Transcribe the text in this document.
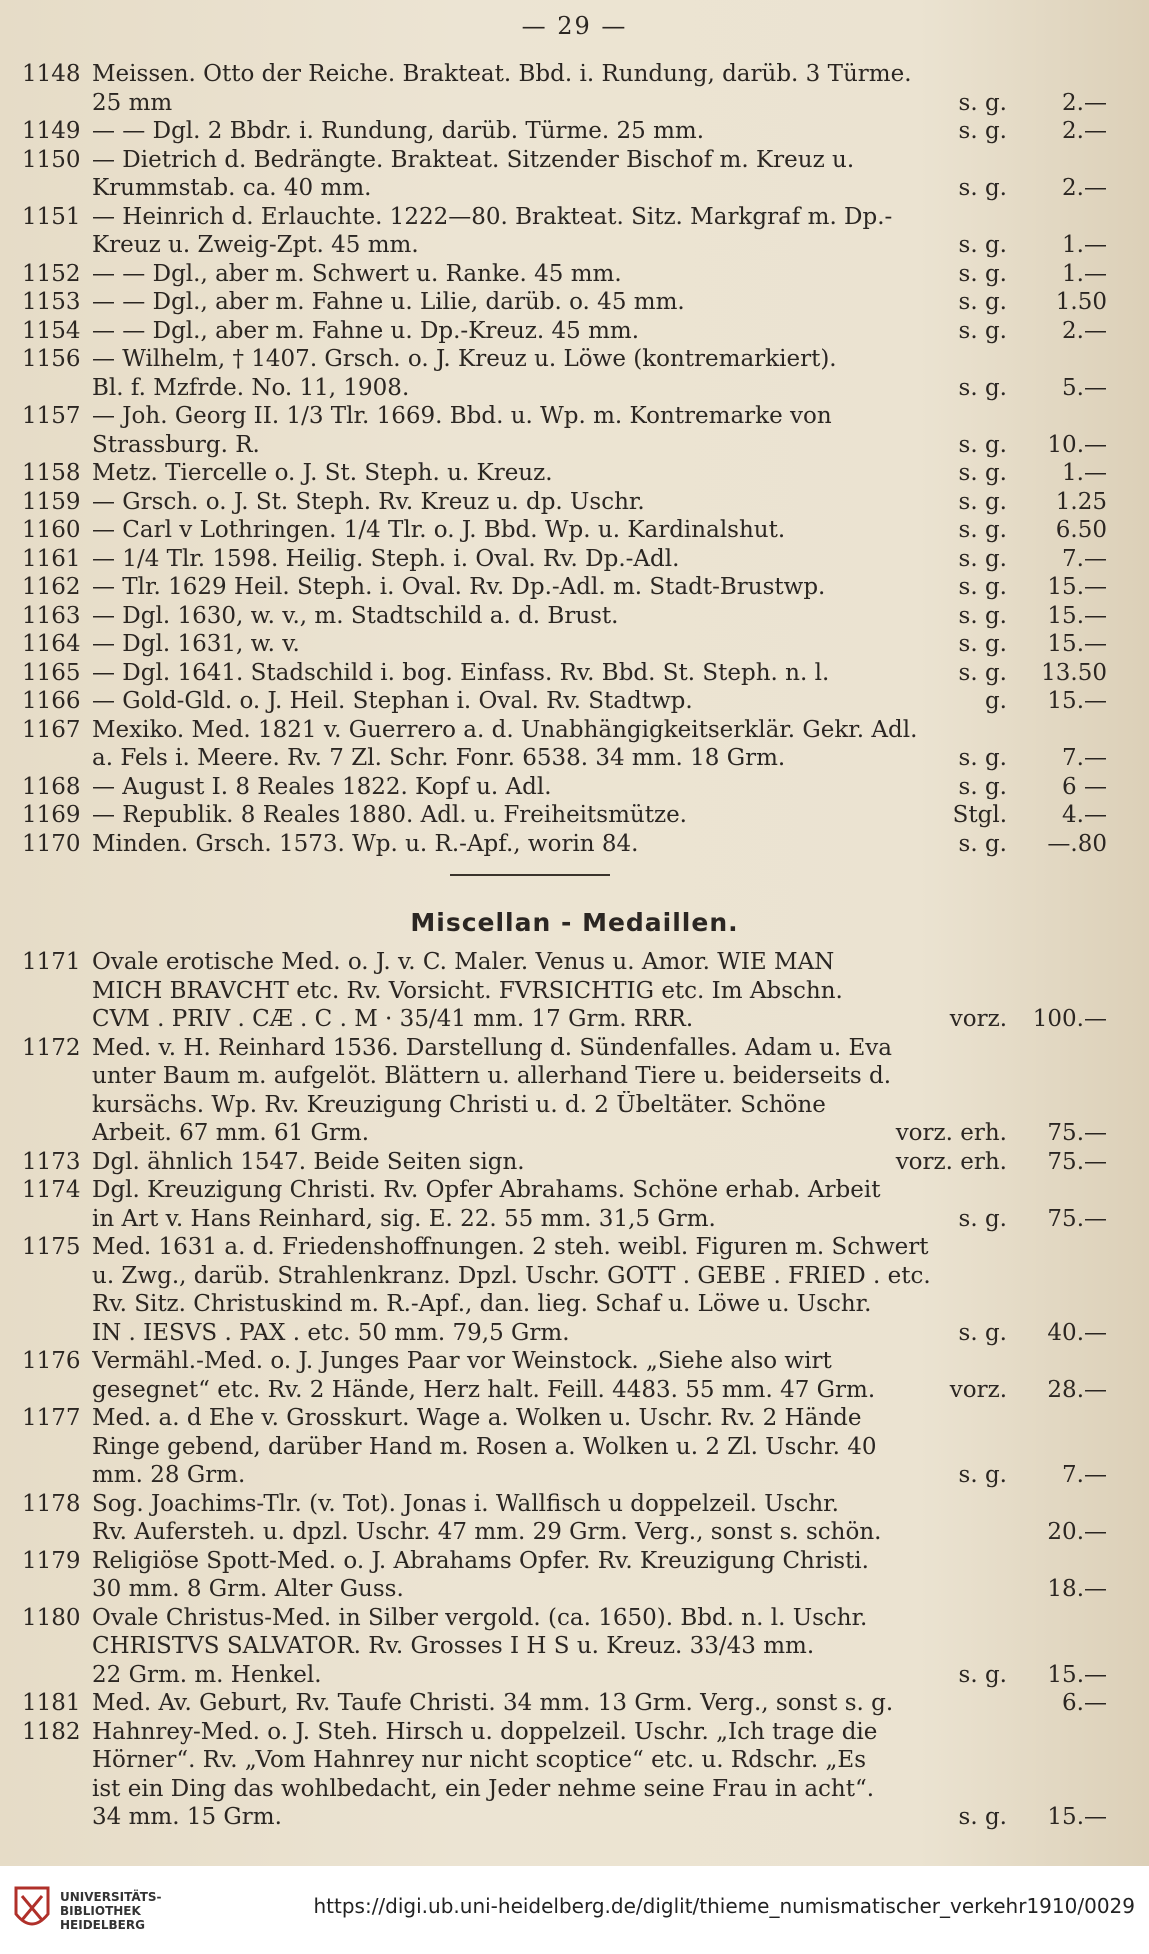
— 29 —
1148 Meissen. Otto der Reiche. Brakteat. Bbd. i. Rundung, darüb. 3 Türme.
25 mm	s. g.	2.—
1149 — — Dgl. 2 Bbdr. i. Rundung, darüb. Türme. 25 mm.	s. g.	2.—
1150 — Dietrich d. Bedrängte. Brakteat. Sitzender Bischof m. Kreuz u.
Krummstab. ca. 40 mm.	s. g.	2.—
1151 — Heinrich d. Erlauchte. 1222—80. Brakteat. Sitz. Markgraf m. Dp.-
Kreuz u. Zweig-Zpt. 45 mm.	s. g.	1.—
1152 — — Dgl., aber m. Schwert u. Ranke. 45 mm.	s. g.	1.—
1153 — — Dgl., aber m. Fahne u. Lilie, darüb. o. 45 mm.	s. g.	1.50
1154 — — Dgl., aber m. Fahne u. Dp.-Kreuz. 45 mm.	s. g.	2.—
1156 — Wilhelm, † 1407. Grsch. o. J. Kreuz u. Löwe (kontremarkiert).
Bl. f. Mzfrde. No. 11, 1908.	s. g.	5.—
1157 — Joh. Georg II. 1/3 Tlr. 1669. Bbd. u. Wp. m. Kontremarke von
Strassburg. R.	s. g.	10.—
1158 Metz. Tiercelle o. J. St. Steph. u. Kreuz.	s. g.	1.—
1159 — Grsch. o. J. St. Steph. Rv. Kreuz u. dp. Uschr.	s. g.	1.25
1160 — Carl v Lothringen. 1/4 Tlr. o. J. Bbd. Wp. u. Kardinalshut.	s. g.	6.50
1161 — 1/4 Tlr. 1598. Heilig. Steph. i. Oval. Rv. Dp.-Adl.	s. g.	7.—
1162 — Tlr. 1629 Heil. Steph. i. Oval. Rv. Dp.-Adl. m. Stadt-Brustwp.	s. g.	15.—
1163 — Dgl. 1630, w. v., m. Stadtschild a. d. Brust.	s. g.	15.—
1164 — Dgl. 1631, w. v.	s. g.	15.—
1165 — Dgl. 1641. Stadschild i. bog. Einfass. Rv. Bbd. St. Steph. n. l.	s. g.	13.50
1166 — Gold-Gld. o. J. Heil. Stephan i. Oval. Rv. Stadtwp.	g.	15.—
1167 Mexiko. Med. 1821 v. Guerrero a. d. Unabhängigkeitserklär. Gekr. Adl.
a. Fels i. Meere. Rv. 7 Zl. Schr. Fonr. 6538. 34 mm. 18 Grm.	s. g.	7.—
1168 — August I. 8 Reales 1822. Kopf u. Adl.	s. g.	6 —
1169 — Republik. 8 Reales 1880. Adl. u. Freiheitsmütze.	Stgl.	4.—
1170 Minden. Grsch. 1573. Wp. u. R.-Apf., worin 84.	s. g.	—.80
Miscellan - Medaillen.
1171 Ovale erotische Med. o. J. v. C. Maler. Venus u. Amor. WIE MAN
MICH BRAVCHT etc. Rv. Vorsicht. FVRSICHTIG etc. Im Abschn.
CVM . PRIV . CÆ . C . M · 35/41 mm. 17 Grm. RRR.	vorz.	100.—
1172 Med. v. H. Reinhard 1536. Darstellung d. Sündenfalles. Adam u. Eva
unter Baum m. aufgelöt. Blättern u. allerhand Tiere u. beiderseits d.
kursächs. Wp. Rv. Kreuzigung Christi u. d. 2 Übeltäter. Schöne
Arbeit. 67 mm. 61 Grm.	vorz. erh.	75.—
1173 Dgl. ähnlich 1547. Beide Seiten sign.	vorz. erh.	75.—
1174 Dgl. Kreuzigung Christi. Rv. Opfer Abrahams. Schöne erhab. Arbeit
in Art v. Hans Reinhard, sig. E. 22. 55 mm. 31,5 Grm.	s. g.	75.—
1175 Med. 1631 a. d. Friedenshoffnungen. 2 steh. weibl. Figuren m. Schwert
u. Zwg., darüb. Strahlenkranz. Dpzl. Uschr. GOTT . GEBE . FRIED . etc.
Rv. Sitz. Christuskind m. R.-Apf., dan. lieg. Schaf u. Löwe u. Uschr.
IN . IESVS . PAX . etc. 50 mm. 79,5 Grm.	s. g.	40.—
1176 Vermähl.-Med. o. J. Junges Paar vor Weinstock. „Siehe also wirt
gesegnet“ etc. Rv. 2 Hände, Herz halt. Feill. 4483. 55 mm. 47 Grm.	vorz.	28.—
1177 Med. a. d Ehe v. Grosskurt. Wage a. Wolken u. Uschr. Rv. 2 Hände
Ringe gebend, darüber Hand m. Rosen a. Wolken u. 2 Zl. Uschr. 40
mm. 28 Grm.	s. g.	7.—
1178 Sog. Joachims-Tlr. (v. Tot). Jonas i. Wallfisch u doppelzeil. Uschr.
Rv. Aufersteh. u. dpzl. Uschr. 47 mm. 29 Grm. Verg., sonst s. schön.	20.—
1179 Religiöse Spott-Med. o. J. Abrahams Opfer. Rv. Kreuzigung Christi.
30 mm. 8 Grm. Alter Guss.	18.—
1180 Ovale Christus-Med. in Silber vergold. (ca. 1650). Bbd. n. l. Uschr.
CHRISTVS SALVATOR. Rv. Grosses I H S u. Kreuz. 33/43 mm.
22 Grm. m. Henkel.	s. g.	15.—
1181 Med. Av. Geburt, Rv. Taufe Christi. 34 mm. 13 Grm. Verg., sonst s. g.	6.—
1182 Hahnrey-Med. o. J. Steh. Hirsch u. doppelzeil. Uschr. „Ich trage die
Hörner“. Rv. „Vom Hahnrey nur nicht scoptice“ etc. u. Rdschr. „Es
ist ein Ding das wohlbedacht, ein Jeder nehme seine Frau in acht“.
34 mm. 15 Grm.	s. g.	15.—
UNIVERSITÄTS-
BIBLIOTHEK
HEIDELBERG
https://digi.ub.uni-heidelberg.de/diglit/thieme_numismatischer_verkehr1910/0029
